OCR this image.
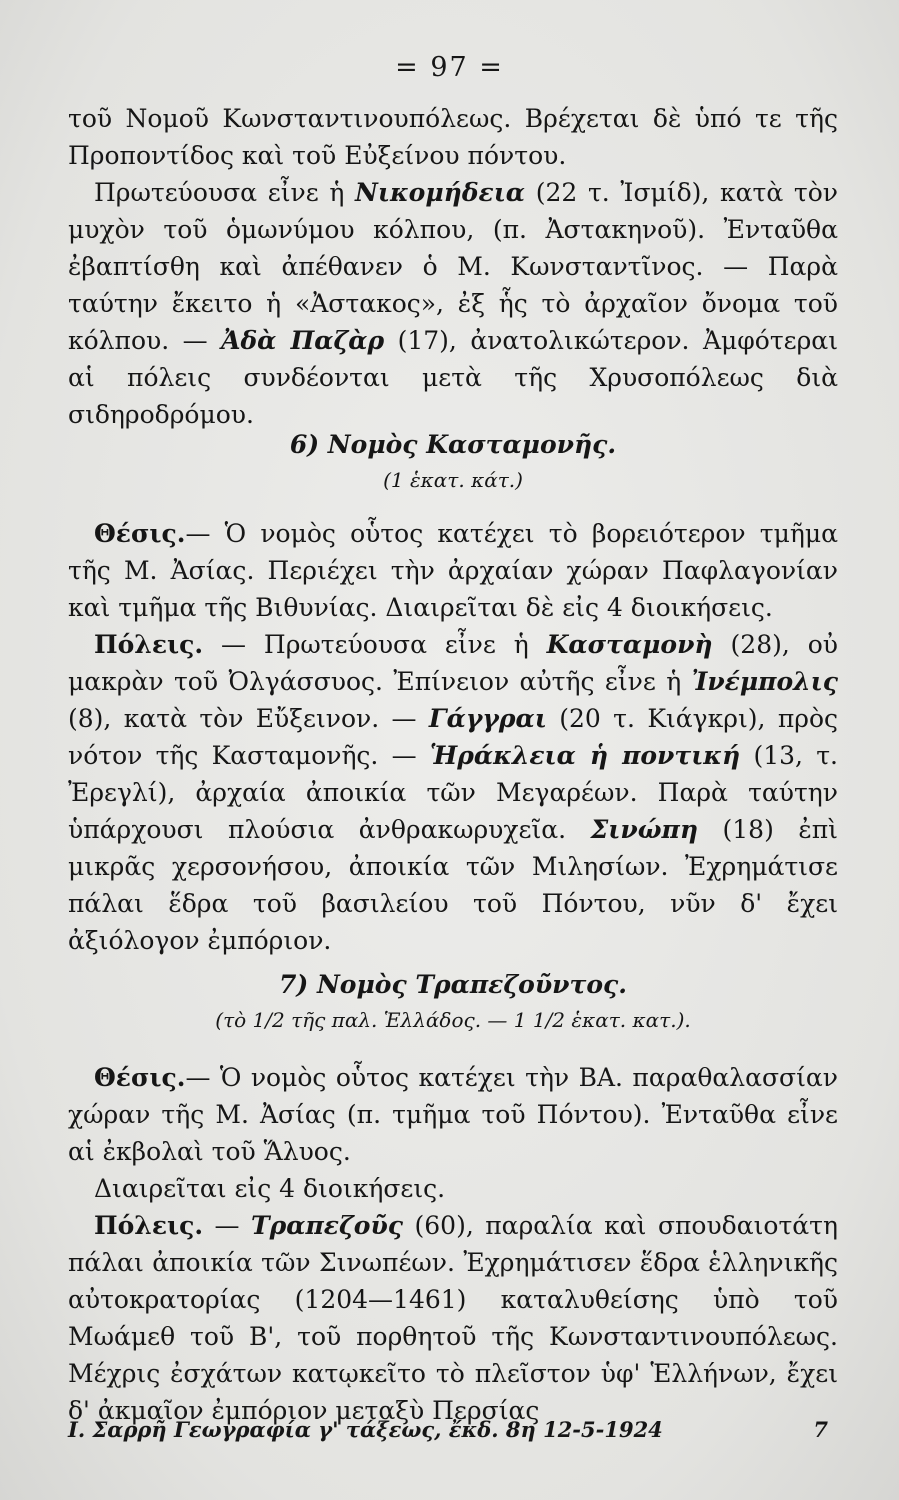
= 97 =

τοῦ Νομοῦ Κωνσταντινουπόλεως. Βρέχεται δὲ ὑπό τε τῆς Προποντίδος καὶ τοῦ Εὐξείνου πόντου.

Πρωτεύουσα εἶνε ἡ Νικομήδεια (22 τ. Ἰσμίδ), κατὰ τὸν μυχὸν τοῦ ὁμωνύμου κόλπου, (π. Ἀστακηνοῦ). Ἐνταῦθα ἐβαπτίσθη καὶ ἀπέθανεν ὁ Μ. Κωνσταντῖνος. — Παρὰ ταύτην ἔκειτο ἡ «Ἀστακος», ἐξ ἧς τὸ ἀρχαῖον ὄνομα τοῦ κόλπου. — Ἀδὰ Παζὰρ (17), ἀνατολικώτερον. Ἀμφότεραι αἱ πόλεις συνδέονται μετὰ τῆς Χρυσοπόλεως διὰ σιδηροδρόμου.

6) Νομὸς Κασταμονῆς.
(1 ἑκατ. κάτ.)

Θέσις.— Ὁ νομὸς οὗτος κατέχει τὸ βορειότερον τμῆμα τῆς Μ. Ἀσίας. Περιέχει τὴν ἀρχαίαν χώραν Παφλαγονίαν καὶ τμῆμα τῆς Βιθυνίας. Διαιρεῖται δὲ εἰς 4 διοικήσεις.

Πόλεις. — Πρωτεύουσα εἶνε ἡ Κασταμονὴ (28), οὐ μακρὰν τοῦ Ὀλγάσσυος. Ἐπίνειον αὐτῆς εἶνε ἡ Ἰνέμπολις (8), κατὰ τὸν Εὔξεινον. — Γάγγραι (20 τ. Κιάγκρι), πρὸς νότον τῆς Κασταμονῆς. — Ἡράκλεια ἡ ποντική (13, τ. Ἐρεγλί), ἀρχαία ἀποικία τῶν Μεγαρέων. Παρὰ ταύτην ὑπάρχουσι πλούσια ἀνθρακωρυχεῖα. Σινώπη (18) ἐπὶ μικρᾶς χερσονήσου, ἀποικία τῶν Μιλησίων. Ἐχρημάτισε πάλαι ἕδρα τοῦ βασιλείου τοῦ Πόντου, νῦν δ' ἔχει ἀξιόλογον ἐμπόριον.

7) Νομὸς Τραπεζοῦντος.
(τὸ 1/2 τῆς παλ. Ἑλλάδος. — 1 1/2 ἑκατ. κατ.).

Θέσις.— Ὁ νομὸς οὗτος κατέχει τὴν ΒΑ. παραθαλασσίαν χώραν τῆς Μ. Ἀσίας (π. τμῆμα τοῦ Πόντου). Ἐνταῦθα εἶνε αἱ ἐκβολαὶ τοῦ Ἅλυος.

Διαιρεῖται εἰς 4 διοικήσεις.

Πόλεις. — Τραπεζοῦς (60), παραλία καὶ σπουδαιοτάτη πάλαι ἀποικία τῶν Σινωπέων. Ἐχρημάτισεν ἕδρα ἑλληνικῆς αὐτοκρατορίας (1204—1461) καταλυθείσης ὑπὸ τοῦ Μωάμεθ τοῦ Β', τοῦ πορθητοῦ τῆς Κωνσταντινουπόλεως. Μέχρις ἐσχάτων κατῳκεῖτο τὸ πλεῖστον ὑφ' Ἑλλήνων, ἔχει δ' ἀκμαῖον ἐμπόριον μεταξὺ Περσίας

Ι. Σαρρῆ Γεωγραφία γ' τάξεως, ἔκδ. 8η 12-5-1924	7
